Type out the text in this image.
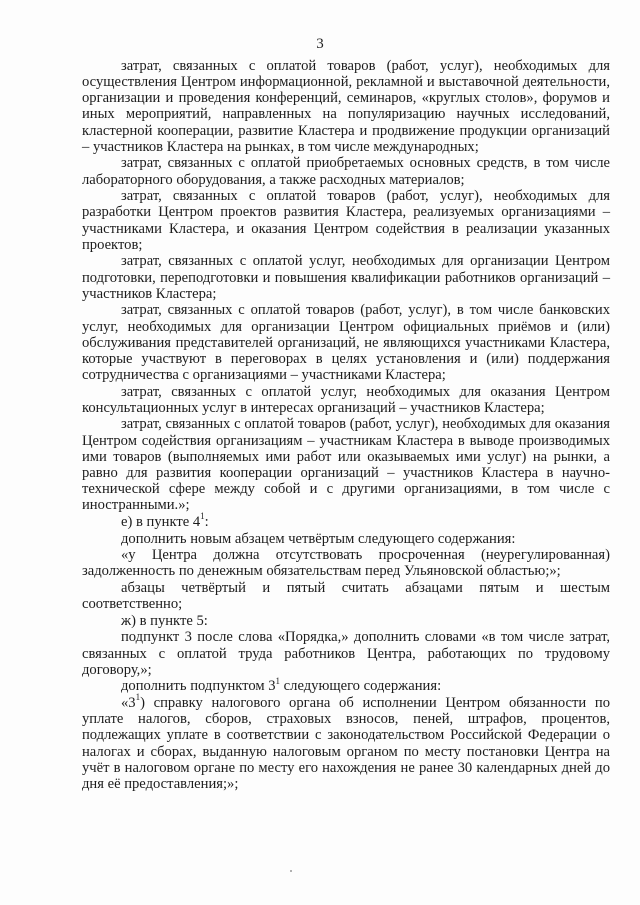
3

затрат, связанных с оплатой товаров (работ, услуг), необходимых для осуществления Центром информационной, рекламной и выставочной деятельности, организации и проведения конференций, семинаров, «круглых столов», форумов и иных мероприятий, направленных на популяризацию научных исследований, кластерной кооперации, развитие Кластера и продвижение продукции организаций – участников Кластера на рынках, в том числе международных;

затрат, связанных с оплатой приобретаемых основных средств, в том числе лабораторного оборудования, а также расходных материалов;

затрат, связанных с оплатой товаров (работ, услуг), необходимых для разработки Центром проектов развития Кластера, реализуемых организациями – участниками Кластера, и оказания Центром содействия в реализации указанных проектов;

затрат, связанных с оплатой услуг, необходимых для организации Центром подготовки, переподготовки и повышения квалификации работников организаций – участников Кластера;

затрат, связанных с оплатой товаров (работ, услуг), в том числе банковских услуг, необходимых для организации Центром официальных приёмов и (или) обслуживания представителей организаций, не являющихся участниками Кластера, которые участвуют в переговорах в целях установления и (или) поддержания сотрудничества с организациями – участниками Кластера;

затрат, связанных с оплатой услуг, необходимых для оказания Центром консультационных услуг в интересах организаций – участников Кластера;

затрат, связанных с оплатой товаров (работ, услуг), необходимых для оказания Центром содействия организациям – участникам Кластера в выводе производимых ими товаров (выполняемых ими работ или оказываемых ими услуг) на рынки, а равно для развития кооперации организаций – участников Кластера в научно-технической сфере между собой и с другими организациями, в том числе с иностранными.»;

е) в пункте $4^1$:

дополнить новым абзацем четвёртым следующего содержания:

«у Центра должна отсутствовать просроченная (неурегулированная) задолженность по денежным обязательствам перед Ульяновской областью;»;

абзацы четвёртый и пятый считать абзацами пятым и шестым соответственно;

ж) в пункте 5:

подпункт 3 после слова «Порядка,» дополнить словами «в том числе затрат, связанных с оплатой труда работников Центра, работающих по трудовому договору,»;

дополнить подпунктом $3^1$ следующего содержания:

«$3^1$) справку налогового органа об исполнении Центром обязанности по уплате налогов, сборов, страховых взносов, пеней, штрафов, процентов, подлежащих уплате в соответствии с законодательством Российской Федерации о налогах и сборах, выданную налоговым органом по месту постановки Центра на учёт в налоговом органе по месту его нахождения не ранее 30 календарных дней до дня её предоставления;»;
